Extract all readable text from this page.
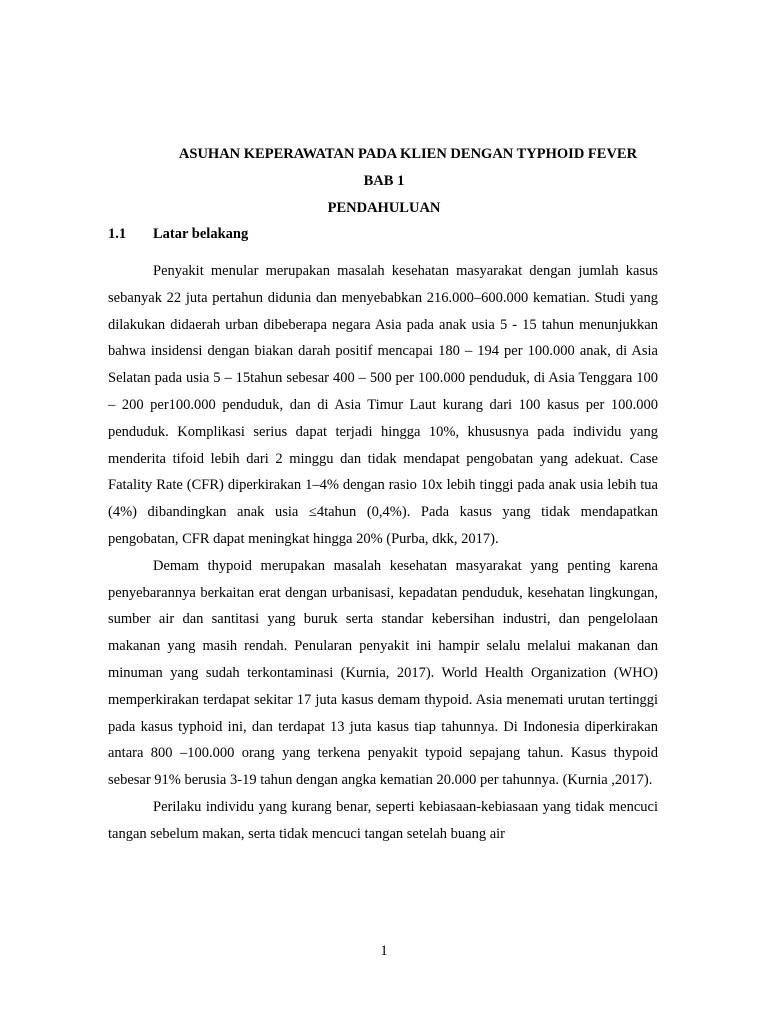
ASUHAN KEPERAWATAN PADA KLIEN DENGAN TYPHOID FEVER
BAB 1
PENDAHULUAN
1.1 Latar belakang

Penyakit menular merupakan masalah kesehatan masyarakat dengan jumlah kasus sebanyak 22 juta pertahun didunia dan menyebabkan 216.000–600.000 kematian. Studi yang dilakukan didaerah urban dibeberapa negara Asia pada anak usia 5 - 15 tahun menunjukkan bahwa insidensi dengan biakan darah positif mencapai 180 – 194 per 100.000 anak, di Asia Selatan pada usia 5 – 15tahun sebesar 400 – 500 per 100.000 penduduk, di Asia Tenggara 100 – 200 per100.000 penduduk, dan di Asia Timur Laut kurang dari 100 kasus per 100.000 penduduk. Komplikasi serius dapat terjadi hingga 10%, khususnya pada individu yang menderita tifoid lebih dari 2 minggu dan tidak mendapat pengobatan yang adekuat. Case Fatality Rate (CFR) diperkirakan 1–4% dengan rasio 10x lebih tinggi pada anak usia lebih tua (4%) dibandingkan anak usia ≤4tahun (0,4%). Pada kasus yang tidak mendapatkan pengobatan, CFR dapat meningkat hingga 20% (Purba, dkk, 2017).

Demam thypoid merupakan masalah kesehatan masyarakat yang penting karena penyebarannya berkaitan erat dengan urbanisasi, kepadatan penduduk, kesehatan lingkungan, sumber air dan santitasi yang buruk serta standar kebersihan industri, dan pengelolaan makanan yang masih rendah. Penularan penyakit ini hampir selalu melalui makanan dan minuman yang sudah terkontaminasi (Kurnia, 2017). World Health Organization (WHO) memperkirakan terdapat sekitar 17 juta kasus demam thypoid. Asia menemati urutan tertinggi pada kasus typhoid ini, dan terdapat 13 juta kasus tiap tahunnya. Di Indonesia diperkirakan antara 800 –100.000 orang yang terkena penyakit typoid sepajang tahun. Kasus thypoid sebesar 91% berusia 3-19 tahun dengan angka kematian 20.000 per tahunnya. (Kurnia ,2017).

Perilaku individu yang kurang benar, seperti kebiasaan-kebiasaan yang tidak mencuci tangan sebelum makan, serta tidak mencuci tangan setelah buang air

1
